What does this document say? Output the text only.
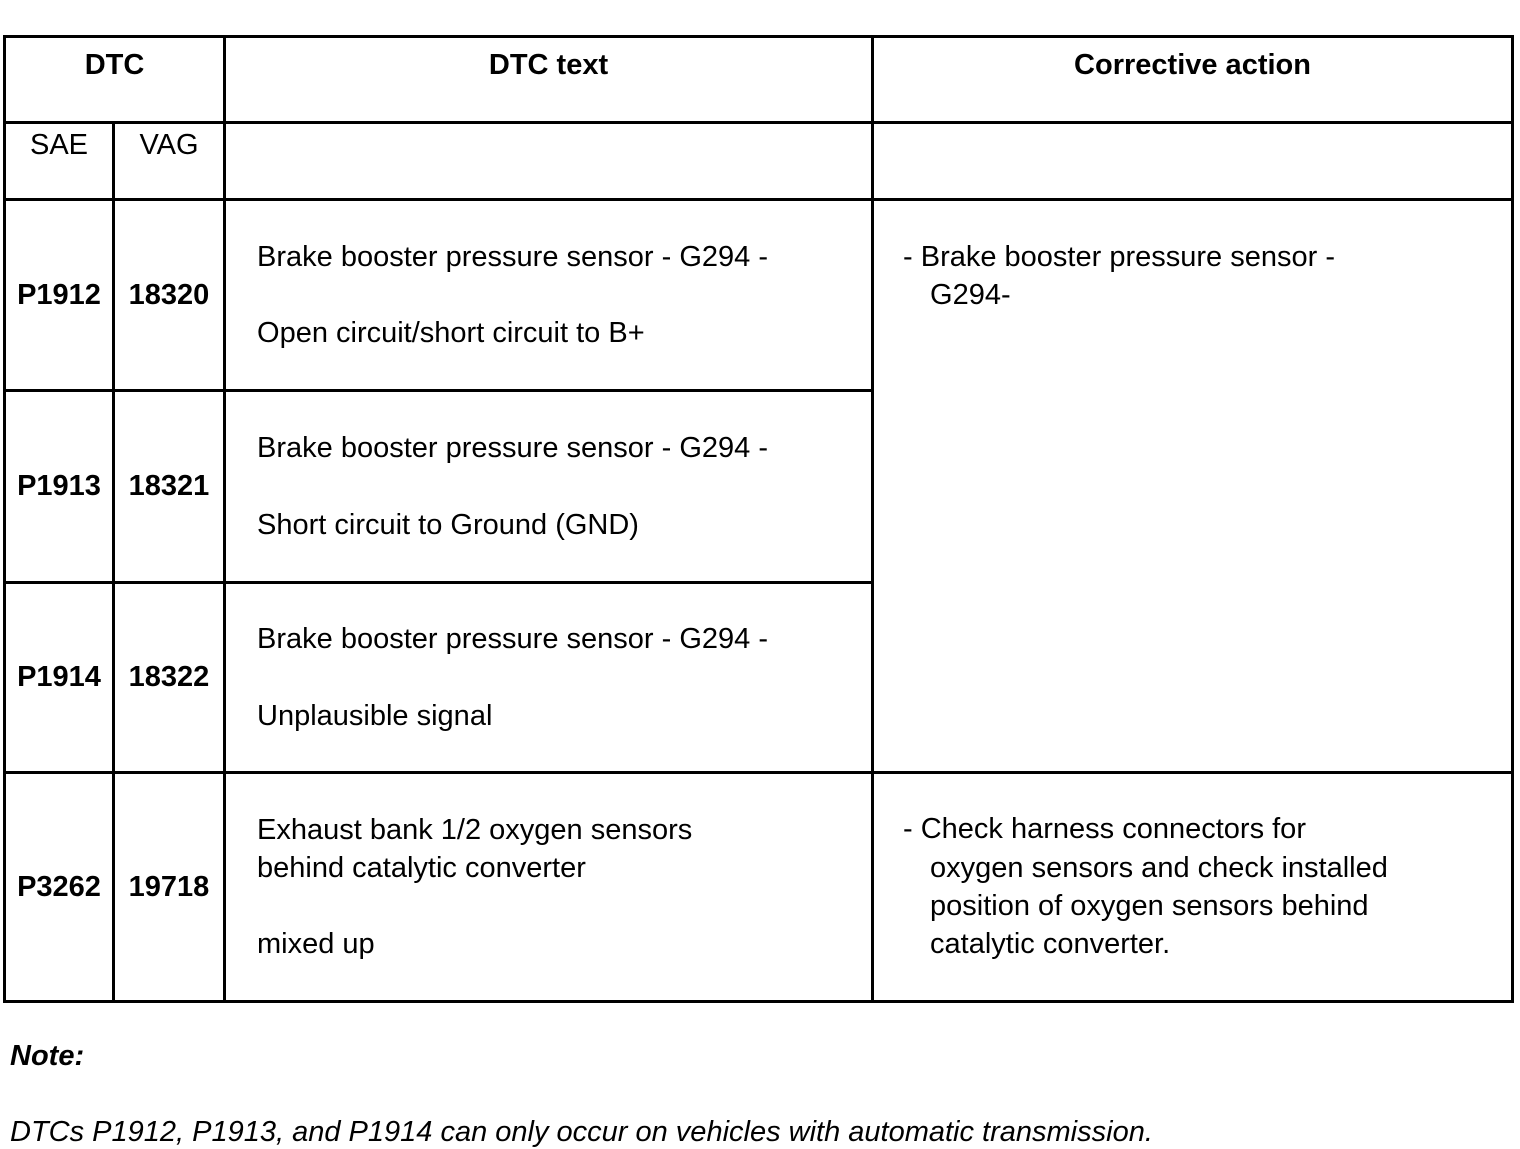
DTC		DTC text	Corrective action
SAE	VAG		
P1912	18320	Brake booster pressure sensor - G294 -
Open circuit/short circuit to B+	- Brake booster pressure sensor -
G294-

P1913	18321	Brake booster pressure sensor - G294 -
Short circuit to Ground (GND)	

P1914	18322	Brake booster pressure sensor - G294 -
Unplausible signal	

P3262	19718	Exhaust bank 1/2 oxygen sensors
behind catalytic converter
mixed up	- Check harness connectors for
oxygen sensors and check installed
position of oxygen sensors behind
catalytic converter.
Note:
DTCs P1912, P1913, and P1914 can only occur on vehicles with automatic transmission.
